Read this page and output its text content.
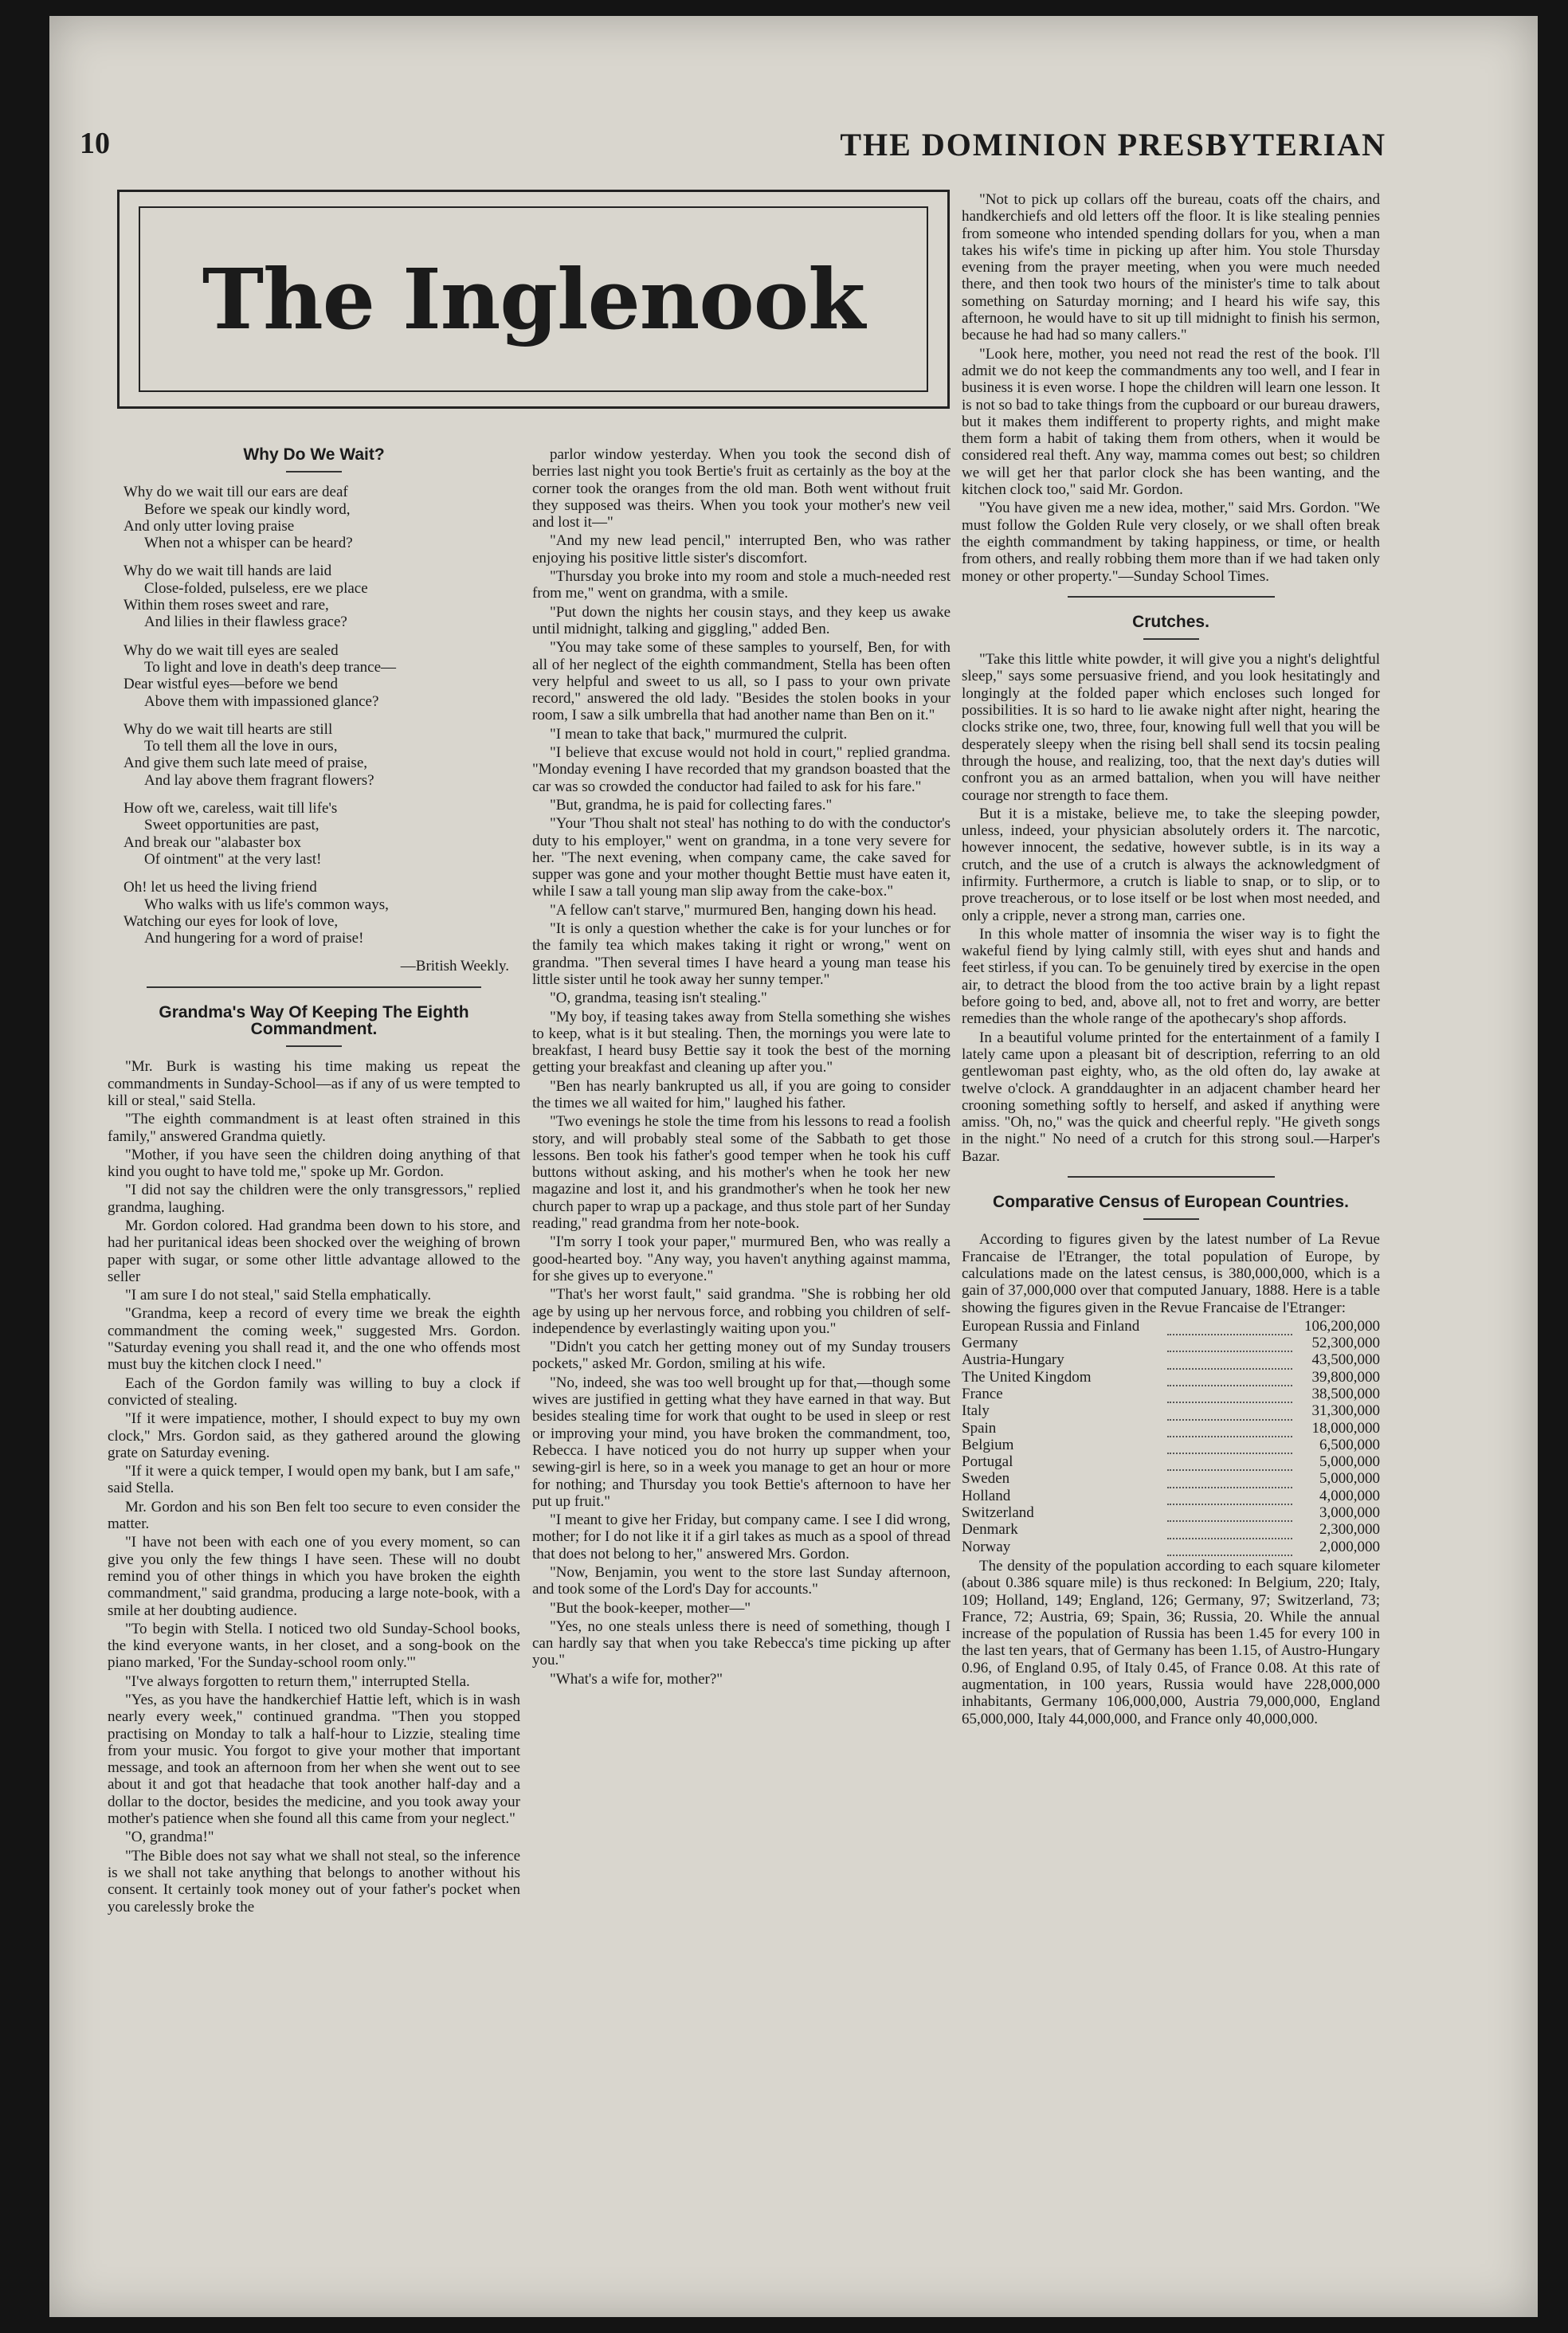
10	THE DOMINION PRESBYTERIAN
The Inglenook
Why Do We Wait?
Why do we wait till our ears are deaf
Before we speak our kindly word,
And only utter loving praise
When not a whisper can be heard?
Why do we wait till hands are laid
Close-folded, pulseless, ere we place
Within them roses sweet and rare,
And lilies in their flawless grace?
Why do we wait till eyes are sealed
To light and love in death's deep trance—
Dear wistful eyes—before we bend
Above them with impassioned glance?
Why do we wait till hearts are still
To tell them all the love in ours,
And give them such late meed of praise,
And lay above them fragrant flowers?
How oft we, careless, wait till life's
Sweet opportunities are past,
And break our "alabaster box
Of ointment" at the very last!
Oh! let us heed the living friend
Who walks with us life's common ways,
Watching our eyes for look of love,
And hungering for a word of praise!
—British Weekly.
Grandma's Way Of Keeping The Eighth Commandment.

"Mr. Burk is wasting his time making us repeat the commandments in Sunday-School—as if any of us were tempted to kill or steal," said Stella.

"The eighth commandment is at least often strained in this family," answered Grandma quietly.

"Mother, if you have seen the children doing anything of that kind you ought to have told me," spoke up Mr. Gordon.

"I did not say the children were the only transgressors," replied grandma, laughing.

Mr. Gordon colored. Had grandma been down to his store, and had her puritanical ideas been shocked over the weighing of brown paper with sugar, or some other little advantage allowed to the seller

"I am sure I do not steal," said Stella emphatically.

"Grandma, keep a record of every time we break the eighth commandment the coming week," suggested Mrs. Gordon. "Saturday evening you shall read it, and the one who offends most must buy the kitchen clock I need."

Each of the Gordon family was willing to buy a clock if convicted of stealing.

"If it were impatience, mother, I should expect to buy my own clock," Mrs. Gordon said, as they gathered around the glowing grate on Saturday evening.

"If it were a quick temper, I would open my bank, but I am safe," said Stella.

Mr. Gordon and his son Ben felt too secure to even consider the matter.

"I have not been with each one of you every moment, so can give you only the few things I have seen. These will no doubt remind you of other things in which you have broken the eighth commandment," said grandma, producing a large note-book, with a smile at her doubting audience.

"To begin with Stella. I noticed two old Sunday-School books, the kind everyone wants, in her closet, and a song-book on the piano marked, 'For the Sunday-school room only.'"

"I've always forgotten to return them," interrupted Stella.

"Yes, as you have the handkerchief Hattie left, which is in wash nearly every week," continued grandma. "Then you stopped practising on Monday to talk a half-hour to Lizzie, stealing time from your music. You forgot to give your mother that important message, and took an afternoon from her when she went out to see about it and got that headache that took another half-day and a dollar to the doctor, besides the medicine, and you took away your mother's patience when she found all this came from your neglect."

"O, grandma!"

"The Bible does not say what we shall not steal, so the inference is we shall not take anything that belongs to another without his consent. It certainly took money out of your father's pocket when you carelessly broke the

parlor window yesterday. When you took the second dish of berries last night you took Bertie's fruit as certainly as the boy at the corner took the oranges from the old man. Both went without fruit they supposed was theirs. When you took your mother's new veil and lost it—"

"And my new lead pencil," interrupted Ben, who was rather enjoying his positive little sister's discomfort.

"Thursday you broke into my room and stole a much-needed rest from me," went on grandma, with a smile.

"Put down the nights her cousin stays, and they keep us awake until midnight, talking and giggling," added Ben.

"You may take some of these samples to yourself, Ben, for with all of her neglect of the eighth commandment, Stella has been often very helpful and sweet to us all, so I pass to your own private record," answered the old lady. "Besides the stolen books in your room, I saw a silk umbrella that had another name than Ben on it."

"I mean to take that back," murmured the culprit.

"I believe that excuse would not hold in court," replied grandma. "Monday evening I have recorded that my grandson boasted that the car was so crowded the conductor had failed to ask for his fare."

"But, grandma, he is paid for collecting fares."

"Your 'Thou shalt not steal' has nothing to do with the conductor's duty to his employer," went on grandma, in a tone very severe for her. "The next evening, when company came, the cake saved for supper was gone and your mother thought Bettie must have eaten it, while I saw a tall young man slip away from the cake-box."

"A fellow can't starve," murmured Ben, hanging down his head.

"It is only a question whether the cake is for your lunches or for the family tea which makes taking it right or wrong," went on grandma. "Then several times I have heard a young man tease his little sister until he took away her sunny temper."

"O, grandma, teasing isn't stealing."

"My boy, if teasing takes away from Stella something she wishes to keep, what is it but stealing. Then, the mornings you were late to breakfast, I heard busy Bettie say it took the best of the morning getting your breakfast and cleaning up after you."

"Ben has nearly bankrupted us all, if you are going to consider the times we all waited for him," laughed his father.

"Two evenings he stole the time from his lessons to read a foolish story, and will probably steal some of the Sabbath to get those lessons. Ben took his father's good temper when he took his cuff buttons without asking, and his mother's when he took her new magazine and lost it, and his grandmother's when he took her new church paper to wrap up a package, and thus stole part of her Sunday reading," read grandma from her note-book.

"I'm sorry I took your paper," murmured Ben, who was really a good-hearted boy. "Any way, you haven't anything against mamma, for she gives up to everyone."

"That's her worst fault," said grandma. "She is robbing her old age by using up her nervous force, and robbing you children of self-independence by everlastingly waiting upon you."

"Didn't you catch her getting money out of my Sunday trousers pockets," asked Mr. Gordon, smiling at his wife.

"No, indeed, she was too well brought up for that,—though some wives are justified in getting what they have earned in that way. But besides stealing time for work that ought to be used in sleep or rest or improving your mind, you have broken the commandment, too, Rebecca. I have noticed you do not hurry up supper when your sewing-girl is here, so in a week you manage to get an hour or more for nothing; and Thursday you took Bettie's afternoon to have her put up fruit."

"I meant to give her Friday, but company came. I see I did wrong, mother; for I do not like it if a girl takes as much as a spool of thread that does not belong to her," answered Mrs. Gordon.

"Now, Benjamin, you went to the store last Sunday afternoon, and took some of the Lord's Day for accounts."

"But the book-keeper, mother—"

"Yes, no one steals unless there is need of something, though I can hardly say that when you take Rebecca's time picking up after you."

"What's a wife for, mother?"

"Not to pick up collars off the bureau, coats off the chairs, and handkerchiefs and old letters off the floor. It is like stealing pennies from someone who intended spending dollars for you, when a man takes his wife's time in picking up after him. You stole Thursday evening from the prayer meeting, when you were much needed there, and then took two hours of the minister's time to talk about something on Saturday morning; and I heard his wife say, this afternoon, he would have to sit up till midnight to finish his sermon, because he had had so many callers."

"Look here, mother, you need not read the rest of the book. I'll admit we do not keep the commandments any too well, and I fear in business it is even worse. I hope the children will learn one lesson. It is not so bad to take things from the cupboard or our bureau drawers, but it makes them indifferent to property rights, and might make them form a habit of taking them from others, when it would be considered real theft. Any way, mamma comes out best; so children we will get her that parlor clock she has been wanting, and the kitchen clock too," said Mr. Gordon.

"You have given me a new idea, mother," said Mrs. Gordon. "We must follow the Golden Rule very closely, or we shall often break the eighth commandment by taking happiness, or time, or health from others, and really robbing them more than if we had taken only money or other property."—Sunday School Times.

Crutches.

"Take this little white powder, it will give you a night's delightful sleep," says some persuasive friend, and you look hesitatingly and longingly at the folded paper which encloses such longed for possibilities. It is so hard to lie awake night after night, hearing the clocks strike one, two, three, four, knowing full well that you will be desperately sleepy when the rising bell shall send its tocsin pealing through the house, and realizing, too, that the next day's duties will confront you as an armed battalion, when you will have neither courage nor strength to face them.

But it is a mistake, believe me, to take the sleeping powder, unless, indeed, your physician absolutely orders it. The narcotic, however innocent, the sedative, however subtle, is in its way a crutch, and the use of a crutch is always the acknowledgment of infirmity. Furthermore, a crutch is liable to snap, or to slip, or to prove treacherous, or to lose itself or be lost when most needed, and only a cripple, never a strong man, carries one.

In this whole matter of insomnia the wiser way is to fight the wakeful fiend by lying calmly still, with eyes shut and hands and feet stirless, if you can. To be genuinely tired by exercise in the open air, to detract the blood from the too active brain by a light repast before going to bed, and, above all, not to fret and worry, are better remedies than the whole range of the apothecary's shop affords.

In a beautiful volume printed for the entertainment of a family I lately came upon a pleasant bit of description, referring to an old gentlewoman past eighty, who, as the old often do, lay awake at twelve o'clock. A granddaughter in an adjacent chamber heard her crooning something softly to herself, and asked if anything were amiss. "Oh, no," was the quick and cheerful reply. "He giveth songs in the night." No need of a crutch for this strong soul.—Harper's Bazar.

Comparative Census of European Countries.

According to figures given by the latest number of La Revue Francaise de l'Etranger, the total population of Europe, by calculations made on the latest census, is 380,000,000, which is a gain of 37,000,000 over that computed January, 1888. Here is a table showing the figures given in the Revue Francaise de l'Etranger:

European Russia and Finland		106,200,000
Germany		52,300,000
Austria-Hungary		43,500,000
The United Kingdom		39,800,000
France		38,500,000
Italy		31,300,000
Spain		18,000,000
Belgium		6,500,000
Portugal		5,000,000
Sweden		5,000,000
Holland		4,000,000
Switzerland		3,000,000
Denmark		2,300,000
Norway		2,000,000

The density of the population according to each square kilometer (about 0.386 square mile) is thus reckoned: In Belgium, 220; Italy, 109; Holland, 149; England, 126; Germany, 97; Switzerland, 73; France, 72; Austria, 69; Spain, 36; Russia, 20. While the annual increase of the population of Russia has been 1.45 for every 100 in the last ten years, that of Germany has been 1.15, of Austro-Hungary 0.96, of England 0.95, of Italy 0.45, of France 0.08. At this rate of augmentation, in 100 years, Russia would have 228,000,000 inhabitants, Germany 106,000,000, Austria 79,000,000, England 65,000,000, Italy 44,000,000, and France only 40,000,000.
